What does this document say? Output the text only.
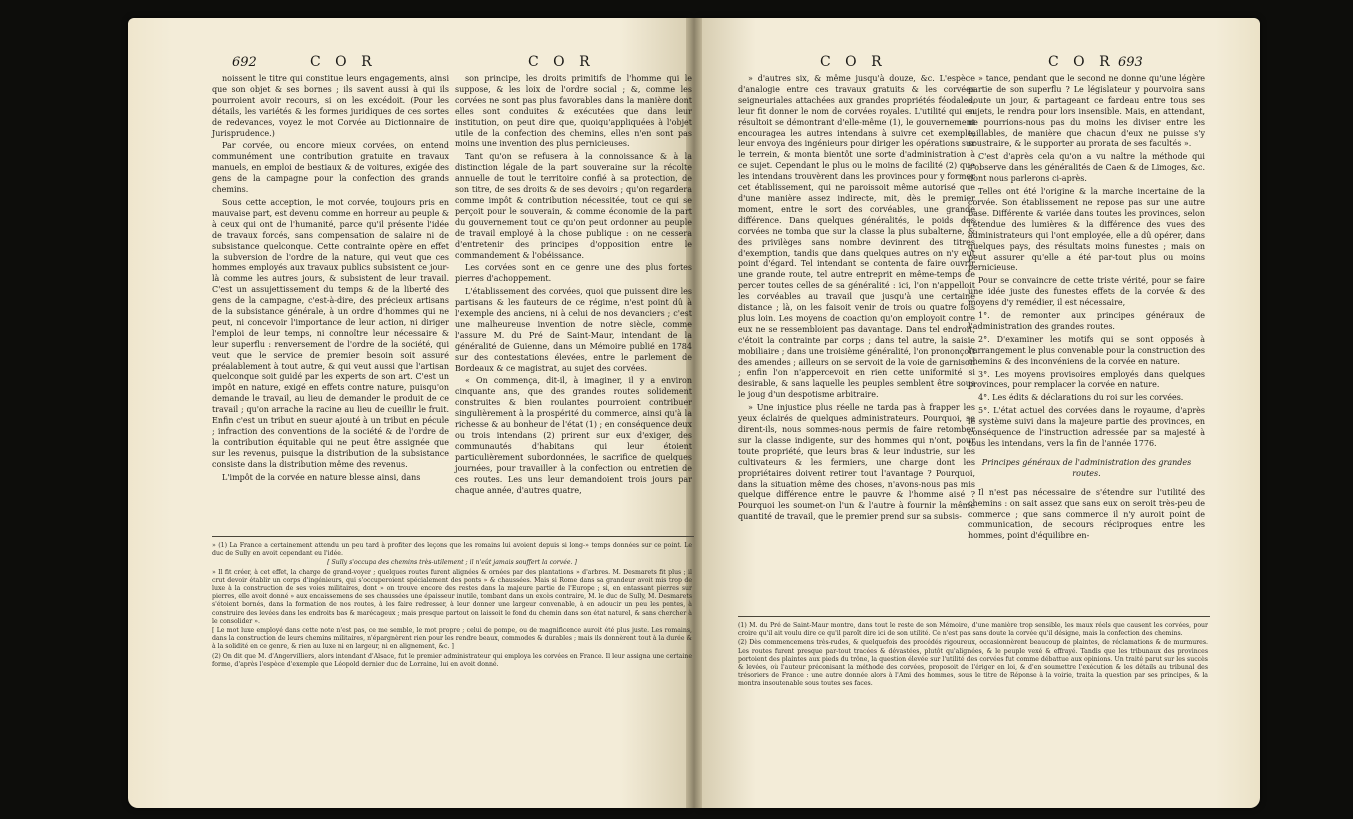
692	C O R	C O R

noissent le titre qui constitue leurs engagements, ainsi que son objet & ses bornes ; ils savent aussi à qui ils pourroient avoir recours, si on les excédoit. (Pour les détails, les variétés & les formes juridiques de ces sortes de redevances, voyez le mot Corvée au Dictionnaire de Jurisprudence.)

Par corvée, ou encore mieux corvées, on entend communément une contribution gratuite en travaux manuels, en emploi de bestiaux & de voitures, exigée des gens de la campagne pour la confection des grands chemins.

Sous cette acception, le mot corvée, toujours pris en mauvaise part, est devenu comme en horreur au peuple & à ceux qui ont de l'humanité, parce qu'il présente l'idée de travaux forcés, sans compensation de salaire ni de subsistance quelconque. Cette contrainte opère en effet la subversion de l'ordre de la nature, qui veut que ces hommes employés aux travaux publics subsistent ce jour-là comme les autres jours, & subsistent de leur travail. C'est un assujettissement du temps & de la liberté des gens de la campagne, c'est-à-dire, des précieux artisans de la subsistance générale, à un ordre d'hommes qui ne peut, ni concevoir l'importance de leur action, ni diriger l'emploi de leur temps, ni connoître leur nécessaire & leur superflu : renversement de l'ordre de la société, qui veut que le service de premier besoin soit assuré préalablement à tout autre, & qui veut aussi que l'artisan quelconque soit guidé par les experts de son art. C'est un impôt en nature, exigé en effets contre nature, puisqu'on demande le travail, au lieu de demander le produit de ce travail ; qu'on arrache la racine au lieu de cueillir le fruit. Enfin c'est un tribut en sueur ajouté à un tribut en pécule ; infraction des conventions de la société & de l'ordre de la contribution équitable qui ne peut être assignée que sur les revenus, puisque la distribution de la subsistance consiste dans la distribution même des revenus.

L'impôt de la corvée en nature blesse ainsi, dans

son principe, les droits primitifs de l'homme qui le suppose, & les loix de l'ordre social ; &, comme les corvées ne sont pas plus favorables dans la manière dont elles sont conduites & exécutées que dans leur institution, on peut dire que, quoiqu'appliquées à l'objet utile de la confection des chemins, elles n'en sont pas moins une invention des plus pernicieuses.

Tant qu'on se refusera à la connoissance & à la distinction légale de la part souveraine sur la récolte annuelle de tout le territoire confié à sa protection, de son titre, de ses droits & de ses devoirs ; qu'on regardera comme impôt & contribution nécessitée, tout ce qui se perçoit pour le souverain, & comme économie de la part du gouvernement tout ce qu'on peut ordonner au peuple de travail employé à la chose publique : on ne cessera d'entretenir des principes d'opposition entre le commandement & l'obéissance.

Les corvées sont en ce genre une des plus fortes pierres d'achoppement.

L'établissement des corvées, quoi que puissent dire les partisans & les fauteurs de ce régime, n'est point dû à l'exemple des anciens, ni à celui de nos devanciers ; c'est une malheureuse invention de notre siècle, comme l'assure M. du Pré de Saint-Maur, intendant de la généralité de Guienne, dans un Mémoire publié en 1784 sur des contestations élevées, entre le parlement de Bordeaux & ce magistrat, au sujet des corvées.

« On commença, dit-il, à imaginer, il y a environ cinquante ans, que des grandes routes solidement construites & bien roulantes pourroient contribuer singulièrement à la prospérité du commerce, ainsi qu'à la richesse & au bonheur de l'état (1) ; en conséquence deux ou trois intendans (2) prirent sur eux d'exiger, des communautés d'habitans qui leur étoient particulièrement subordonnées, le sacrifice de quelques journées, pour travailler à la confection ou entretien de ces routes. Les uns leur demandoient trois jours par chaque année, d'autres quatre,

» (1) La France a certainement attendu un peu tard à profiter des leçons que les romains lui avoient depuis si long-» temps données sur ce point. Le duc de Sully en avoit cependant eu l'idée.

[ Sully s'occupa des chemins très-utilement ; il n'eût jamais souffert la corvée. ]

» Il fit créer, à cet effet, la charge de grand-voyer ; quelques routes furent alignées & ornées par des plantations » d'arbres. M. Desmarets fit plus ; il crut devoir établir un corps d'ingénieurs, qui s'occuperoient spécialement des ponts » & chaussées. Mais si Rome dans sa grandeur avoit mis trop de luxe à la construction de ses voies militaires, dont » on trouve encore des restes dans la majeure partie de l'Europe ; si, en entassant pierres sur pierres, elle avoit donné » aux encaissemens de ses chaussées une épaisseur inutile, tombant dans un excès contraire, M. le duc de Sully, M. Desmarets s'étoient bornés, dans la formation de nos routes, à les faire redresser, à leur donner une largeur convenable, à en adoucir un peu les pentes, à construire des levées dans les endroits bas & marécageux ; mais presque partout on laissoit le fond du chemin dans son état naturel, & sans chercher à le consolider ».

[ Le mot luxe employé dans cette note n'est pas, ce me semble, le mot propre ; celui de pompe, ou de magnificence auroit été plus juste. Les romains, dans la construction de leurs chemins militaires, n'épargnèrent rien pour les rendre beaux, commodes & durables ; mais ils donnèrent tout à la durée & à la solidité en ce genre, & rien au luxe ni en largeur, ni en alignement, &c. ]

(2) On dit que M. d'Angervilliers, alors intendant d'Alsace, fut le premier administrateur qui employa les corvées en France. Il leur assigna une certaine forme, d'après l'espèce d'exemple que Léopold dernier duc de Lorraine, lui en avoit donné.

C O R	C O R 693

» d'autres six, & même jusqu'à douze, &c. L'espèce d'analogie entre ces travaux gratuits & les corvées seigneuriales attachées aux grandes propriétés féodales, leur fit donner le nom de corvées royales. L'utilité qui en résultoit se démontrant d'elle-même (1), le gouvernement encouragea les autres intendans à suivre cet exemple, leur envoya des ingénieurs pour diriger les opérations sur le terrein, & monta bientôt une sorte d'administration à ce sujet. Cependant le plus ou le moins de facilité (2) que les intendans trouvèrent dans les provinces pour y former cet établissement, qui ne paroissoit même autorisé que d'une manière assez indirecte, mit, dès le premier moment, entre le sort des corvéables, une grande différence. Dans quelques généralités, le poids des corvées ne tomba que sur la classe la plus subalterne, & des privilèges sans nombre devinrent des titres d'exemption, tandis que dans quelques autres on n'y eut point d'égard. Tel intendant se contenta de faire ouvrir une grande route, tel autre entreprit en même-temps de percer toutes celles de sa généralité : ici, l'on n'appelloit les corvéables au travail que jusqu'à une certaine distance ; là, on les faisoit venir de trois ou quatre fois plus loin. Les moyens de coaction qu'on employoit contre eux ne se ressembloient pas davantage. Dans tel endroit, c'étoit la contrainte par corps ; dans tel autre, la saisie mobiliaire ; dans une troisième généralité, l'on prononçoit des amendes ; ailleurs on se servoit de la voie de garnison ; enfin l'on n'appercevoit en rien cette uniformité si desirable, & sans laquelle les peuples semblent être sous le joug d'un despotisme arbitraire.

» Une injustice plus réelle ne tarda pas à frapper les yeux éclairés de quelques administrateurs. Pourquoi, se dirent-ils, nous sommes-nous permis de faire retomber sur la classe indigente, sur des hommes qui n'ont, pour toute propriété, que leurs bras & leur industrie, sur les cultivateurs & les fermiers, une charge dont les propriétaires doivent retirer tout l'avantage ? Pourquoi, dans la situation même des choses, n'avons-nous pas mis quelque différence entre le pauvre & l'homme aisé ? Pourquoi les soumet-on l'un & l'autre à fournir la même quantité de travail, que le premier prend sur sa subsis-

» tance, pendant que le second ne donne qu'une légère partie de son superflu ? Le législateur y pourvoira sans doute un jour, & partageant ce fardeau entre tous ses sujets, le rendra pour lors insensible. Mais, en attendant, ne pourrions-nous pas du moins les diviser entre les taillables, de manière que chacun d'eux ne puisse s'y soustraire, & le supporter au prorata de ses facultés ».

C'est d'après cela qu'on a vu naître la méthode qui s'observe dans les généralités de Caen & de Limoges, &c. dont nous parlerons ci-après.

Telles ont été l'origine & la marche incertaine de la corvée. Son établissement ne repose pas sur une autre base. Différente & variée dans toutes les provinces, selon l'étendue des lumières & la différence des vues des administrateurs qui l'ont employée, elle a dû opérer, dans quelques pays, des résultats moins funestes ; mais on peut assurer qu'elle a été par-tout plus ou moins pernicieuse.

Pour se convaincre de cette triste vérité, pour se faire une idée juste des funestes effets de la corvée & des moyens d'y remédier, il est nécessaire,

1°. de remonter aux principes généraux de l'administration des grandes routes.

2°. D'examiner les motifs qui se sont opposés à l'arrangement le plus convenable pour la construction des chemins & des inconvéniens de la corvée en nature.

3°. Les moyens provisoires employés dans quelques provinces, pour remplacer la corvée en nature.

4°. Les édits & déclarations du roi sur les corvées.

5°. L'état actuel des corvées dans le royaume, d'après le système suivi dans la majeure partie des provinces, en conséquence de l'instruction adressée par sa majesté à tous les intendans, vers la fin de l'année 1776.

Principes généraux de l'administration des grandes routes.

Il n'est pas nécessaire de s'étendre sur l'utilité des chemins : on sait assez que sans eux on seroit très-peu de commerce ; que sans commerce il n'y auroit point de communication, de secours réciproques entre les hommes, point d'équilibre en-

(1) M. du Pré de Saint-Maur montre, dans tout le reste de son Mémoire, d'une manière trop sensible, les maux réels que causent les corvées, pour croire qu'il ait voulu dire ce qu'il paroît dire ici de son utilité. Ce n'est pas sans doute la corvée qu'il désigne, mais la confection des chemins.

(2) Dès commencemens très-rudes, & quelquefois des procédés rigoureux, occasionnèrent beaucoup de plaintes, de réclamations & de murmures. Les routes furent presque par-tout tracées & dévastées, plutôt qu'alignées, & le peuple vexé & effrayé. Tandis que les tribunaux des provinces portoient des plaintes aux pieds du trône, la question élevée sur l'utilité des corvées fut comme débattue aux opinions. Un traité parut sur les succès & levées, où l'auteur préconisant la méthode des corvées, proposoit de l'ériger en loi, & d'en soumettre l'exécution & les détails au tribunal des trésoriers de France : une autre donnée alors à l'Ami des hommes, sous le titre de Réponse à la voirie, traita la question par ses principes, & la montra insoutenable sous toutes ses faces.
